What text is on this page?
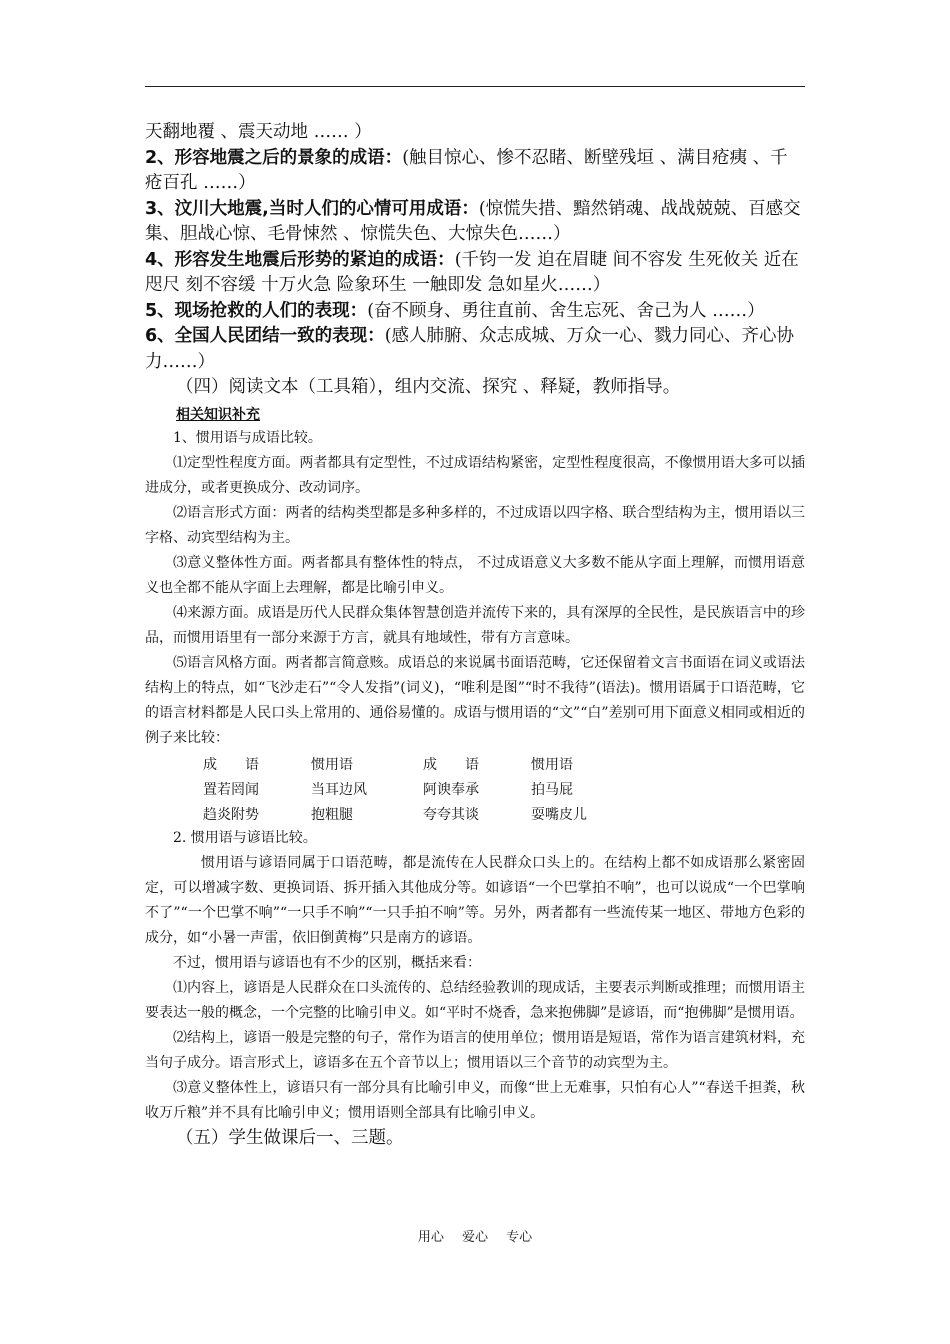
天翻地覆 、震天动地 …… ）

2、形容地震之后的景象的成语：(触目惊心、惨不忍睹、断壁残垣 、满目疮痍 、千疮百孔 ……）

3、汶川大地震,当时人们的心情可用成语：(惊慌失措、黯然销魂、战战兢兢、百感交集、胆战心惊、毛骨悚然 、惊慌失色、大惊失色……）

4、形容发生地震后形势的紧迫的成语：(千钧一发 迫在眉睫 间不容发 生死攸关 近在咫尺 刻不容缓 十万火急 险象环生 一触即发 急如星火……）

5、现场抢救的人们的表现：(奋不顾身、勇往直前、舍生忘死、舍己为人 ……）

6、全国人民团结一致的表现：(感人肺腑、众志成城、万众一心、戮力同心、齐心协力……）

（四）阅读文本（工具箱），组内交流、探究 、释疑，教师指导。

相关知识补充

1、惯用语与成语比较。

⑴定型性程度方面。两者都具有定型性，不过成语结构紧密，定型性程度很高，不像惯用语大多可以插进成分，或者更换成分、改动词序。

⑵语言形式方面：两者的结构类型都是多种多样的，不过成语以四字格、联合型结构为主，惯用语以三字格、动宾型结构为主。

⑶意义整体性方面。两者都具有整体性的特点， 不过成语意义大多数不能从字面上理解，而惯用语意义也全都不能从字面上去理解，都是比喻引申义。

⑷来源方面。成语是历代人民群众集体智慧创造并流传下来的，具有深厚的全民性，是民族语言中的珍品，而惯用语里有一部分来源于方言，就具有地域性，带有方言意味。

⑸语言风格方面。两者都言简意赅。成语总的来说属书面语范畴，它还保留着文言书面语在词义或语法结构上的特点，如“飞沙走石”“令人发指”(词义)，“唯利是图”“时不我待”(语法)。惯用语属于口语范畴，它的语言材料都是人民口头上常用的、通俗易懂的。成语与惯用语的“文”“白”差别可用下面意义相同或相近的例子来比较：

成　　语	惯用语	成　　语	惯用语
置若罔闻	当耳边风	阿谀奉承	拍马屁
趋炎附势	抱粗腿	夸夸其谈	耍嘴皮儿

2. 惯用语与谚语比较。

惯用语与谚语同属于口语范畴，都是流传在人民群众口头上的。在结构上都不如成语那么紧密固定，可以增减字数、更换词语、拆开插入其他成分等。如谚语“一个巴掌拍不响”，也可以说成“一个巴掌响不了”“一个巴掌不响”“一只手不响”“一只手拍不响”等。另外，两者都有一些流传某一地区、带地方色彩的成分，如“小暑一声雷，依旧倒黄梅”只是南方的谚语。

不过，惯用语与谚语也有不少的区别，概括来看：

⑴内容上，谚语是人民群众在口头流传的、总结经验教训的现成话，主要表示判断或推理；而惯用语主要表达一般的概念，一个完整的比喻引申义。如“平时不烧香，急来抱佛脚”是谚语，而“抱佛脚”是惯用语。

⑵结构上，谚语一般是完整的句子，常作为语言的使用单位；惯用语是短语，常作为语言建筑材料，充当句子成分。语言形式上，谚语多在五个音节以上；惯用语以三个音节的动宾型为主。

⑶意义整体性上，谚语只有一部分具有比喻引申义，而像“世上无难事，只怕有心人”“春送千担粪，秋收万斤粮”并不具有比喻引申义；惯用语则全部具有比喻引申义。

（五）学生做课后一、三题。

用心 爱心 专心
